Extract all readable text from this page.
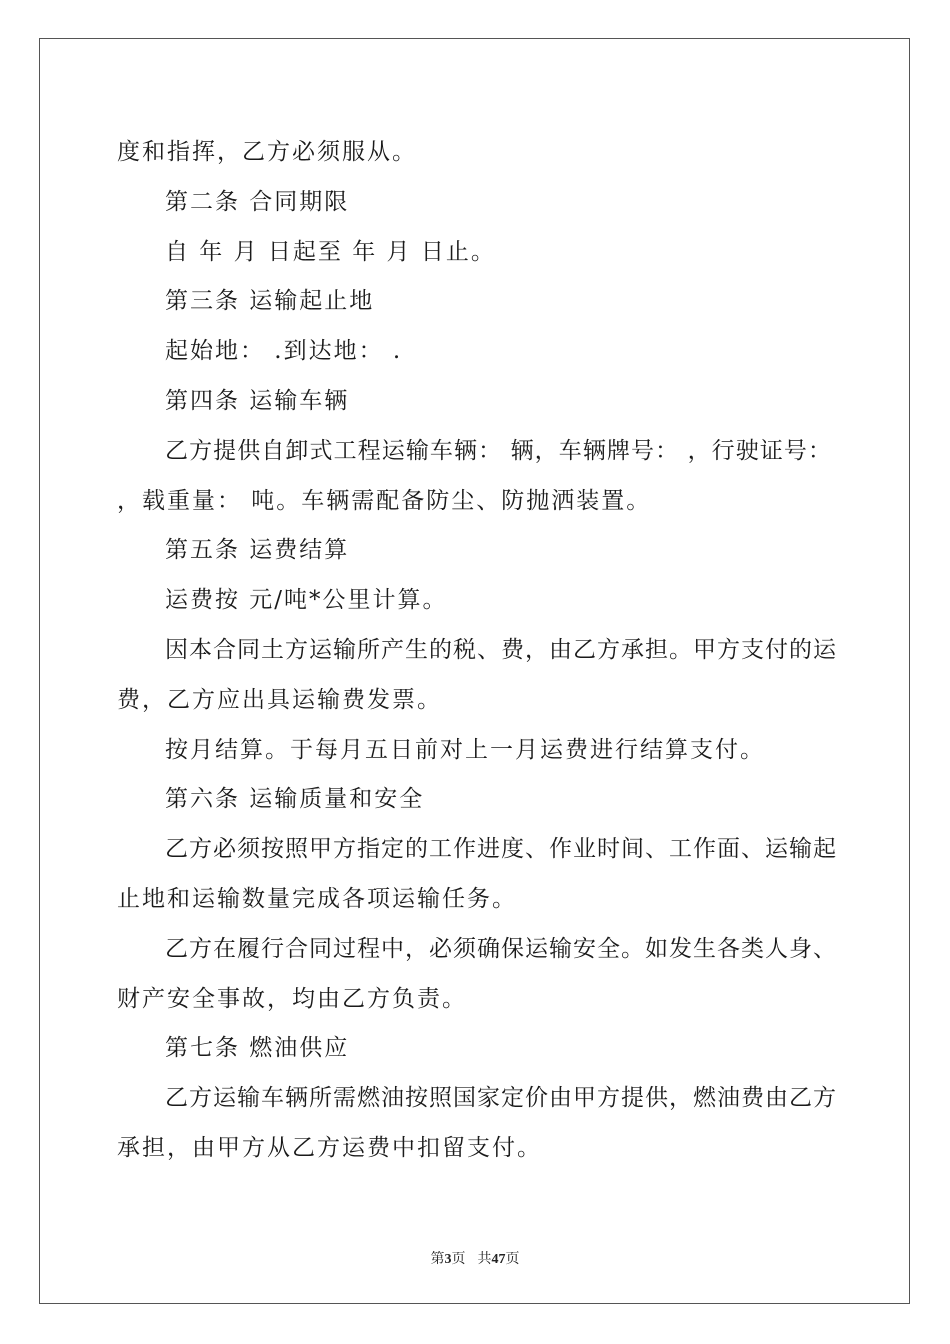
度和指挥，乙方必须服从。
第二条 合同期限
自 年 月 日起至 年 月 日止。
第三条 运输起止地
起始地： .到达地： .
第四条 运输车辆
乙方提供自卸式工程运输车辆： 辆，车辆牌号： ，行驶证号：
，载重量： 吨。车辆需配备防尘、防抛洒装置。
第五条 运费结算
运费按 元/吨*公里计算。
因本合同土方运输所产生的税、费，由乙方承担。甲方支付的运
费，乙方应出具运输费发票。
按月结算。于每月五日前对上一月运费进行结算支付。
第六条 运输质量和安全
乙方必须按照甲方指定的工作进度、作业时间、工作面、运输起
止地和运输数量完成各项运输任务。
乙方在履行合同过程中，必须确保运输安全。如发生各类人身、
财产安全事故，均由乙方负责。
第七条 燃油供应
乙方运输车辆所需燃油按照国家定价由甲方提供，燃油费由乙方
承担，由甲方从乙方运费中扣留支付。
第3页 共47页
